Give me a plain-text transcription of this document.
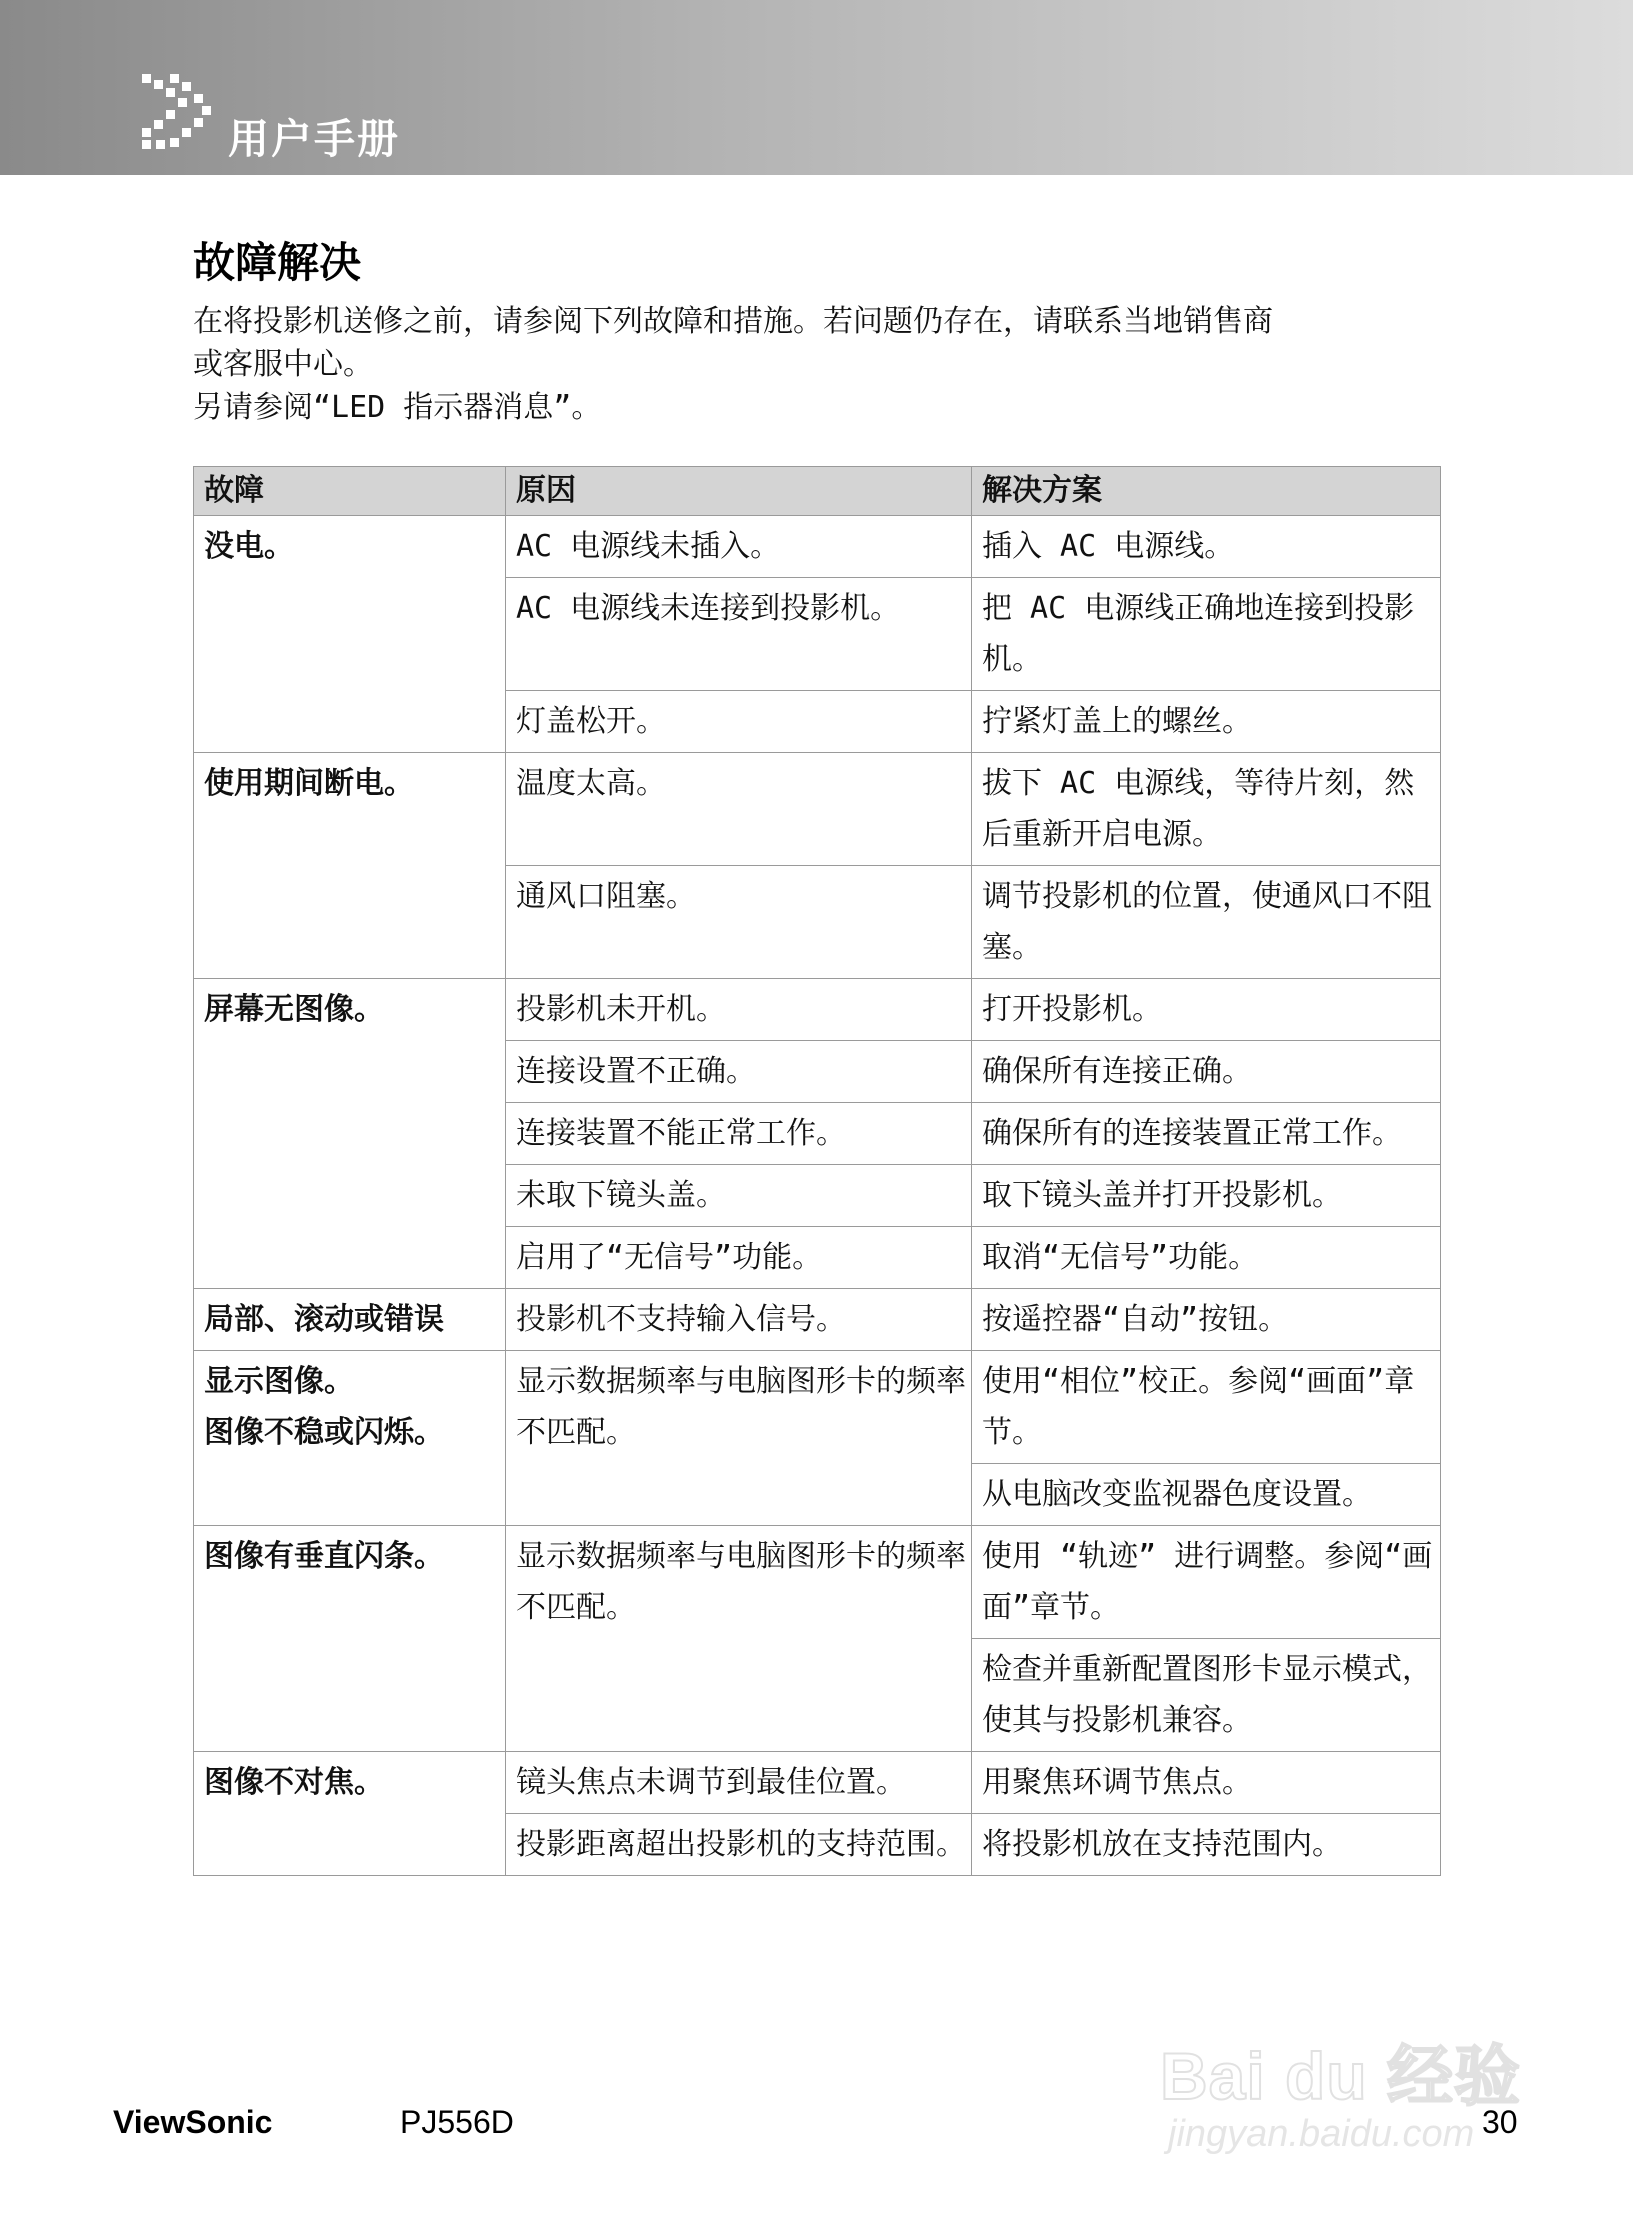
用户手册
故障解决

在将投影机送修之前，请参阅下列故障和措施。若问题仍存在，请联系当地销售商

或客服中心。

另请参阅“LED 指示器消息”。

故障	原因	解决方案
没电。	AC 电源线未插入。	插入 AC 电源线。
	AC 电源线未连接到投影机。	把 AC 电源线正确地连接到投影机。
	灯盖松开。	拧紧灯盖上的螺丝。
使用期间断电。	温度太高。	拔下 AC 电源线，等待片刻，然后重新开启电源。
	通风口阻塞。	调节投影机的位置，使通风口不阻塞。
屏幕无图像。	投影机未开机。	打开投影机。
	连接设置不正确。	确保所有连接正确。
	连接装置不能正常工作。	确保所有的连接装置正常工作。
	未取下镜头盖。	取下镜头盖并打开投影机。
	启用了“无信号”功能。	取消“无信号”功能。
局部、滚动或错误	投影机不支持输入信号。	按遥控器“自动”按钮。
显示图像。
图像不稳或闪烁。	显示数据频率与电脑图形卡的频率不匹配。	使用“相位”校正。参阅“画面”章节。
		从电脑改变监视器色度设置。
图像有垂直闪条。	显示数据频率与电脑图形卡的频率不匹配。	使用 “轨迹” 进行调整。参阅“画面”章节。
		检查并重新配置图形卡显示模式，使其与投影机兼容。
图像不对焦。	镜头焦点未调节到最佳位置。	用聚焦环调节焦点。
	投影距离超出投影机的支持范围。	将投影机放在支持范围内。
Bai du 经验
jingyan.baidu.com
ViewSonic	PJ556D	30
